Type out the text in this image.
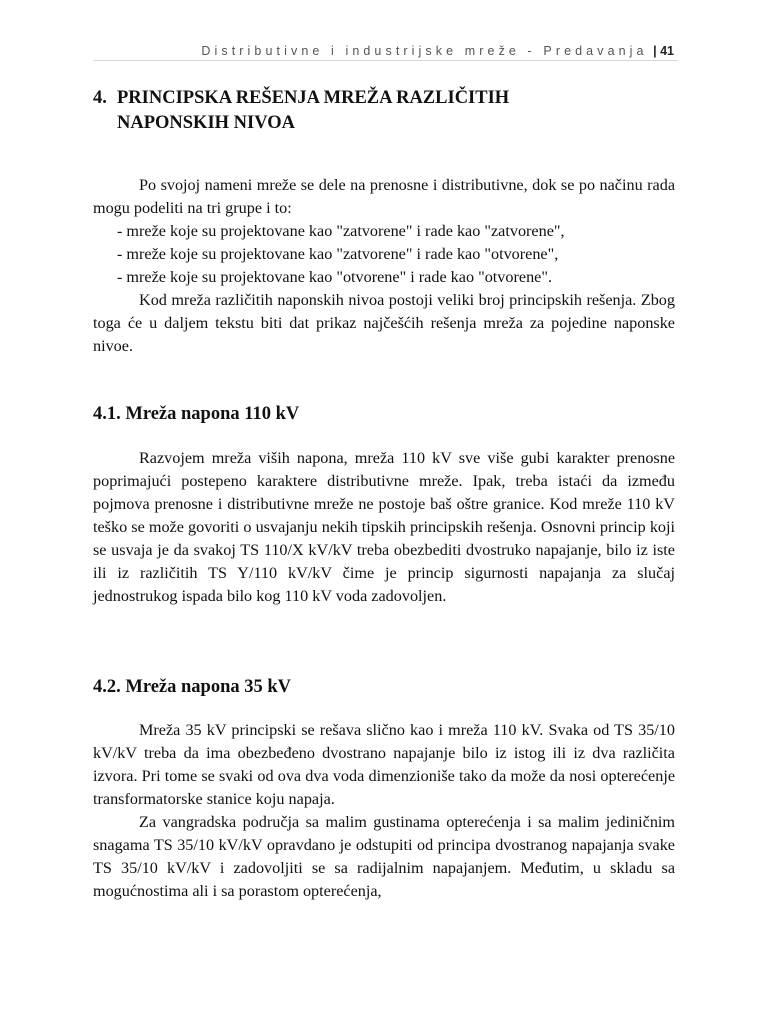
Distributivne i industrijske mreže - Predavanja | 41
4. PRINCIPSKA REŠENJA MREŽA RAZLIČITIH NAPONSKIH NIVOA

Po svojoj nameni mreže se dele na prenosne i distributivne, dok se po načinu rada mogu podeliti na tri grupe i to:

- mreže koje su projektovane kao "zatvorene" i rade kao "zatvorene",
- mreže koje su projektovane kao "zatvorene" i rade kao "otvorene",
- mreže koje su projektovane kao "otvorene" i rade kao "otvorene".

Kod mreža različitih naponskih nivoa postoji veliki broj principskih rešenja. Zbog toga će u daljem tekstu biti dat prikaz najčešćih rešenja mreža za pojedine naponske nivoe.

4.1. Mreža napona 110 kV

Razvojem mreža viših napona, mreža 110 kV sve više gubi karakter prenosne poprimajući postepeno karaktere distributivne mreže. Ipak, treba istaći da između pojmova prenosne i distributivne mreže ne postoje baš oštre granice. Kod mreže 110 kV teško se može govoriti o usvajanju nekih tipskih principskih rešenja. Osnovni princip koji se usvaja je da svakoj TS 110/X kV/kV treba obezbediti dvostruko napajanje, bilo iz iste ili iz različitih TS Y/110 kV/kV čime je princip sigurnosti napajanja za slučaj jednostrukog ispada bilo kog 110 kV voda zadovoljen.

4.2. Mreža napona 35 kV

Mreža 35 kV principski se rešava slično kao i mreža 110 kV. Svaka od TS 35/10 kV/kV treba da ima obezbeđeno dvostrano napajanje bilo iz istog ili iz dva različita izvora. Pri tome se svaki od ova dva voda dimenzioniše tako da može da nosi opterećenje transformatorske stanice koju napaja.

Za vangradska područja sa malim gustinama opterećenja i sa malim jediničnim snagama TS 35/10 kV/kV opravdano je odstupiti od principa dvostranog napajanja svake TS 35/10 kV/kV i zadovoljiti se sa radijalnim napajanjem. Međutim, u skladu sa mogućnostima ali i sa porastom opterećenja,
